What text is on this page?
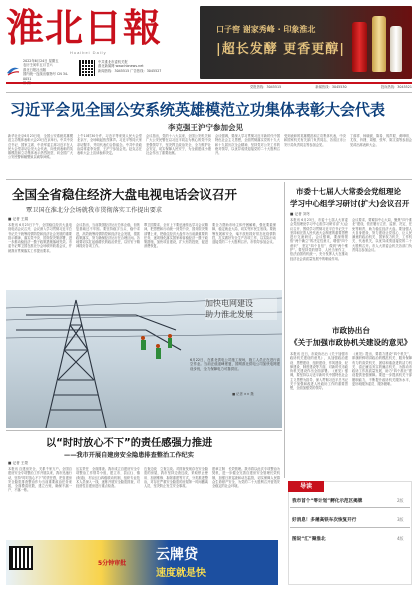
淮北日報
Huaibei Daily
2022年6月24日 星期五
农历壬寅年五月廿六
淮北日报社出版
国内统一连续出版物号 CN 34-0051
中共淮北市委机关报
淮北新闻网 www.hbnews.net
新闻热线：3045515 广告热线：3045527
口子窖 谢家秀峰 · 印象淮北
|超长发酵 更香更醇|
党报热线：3045515	新闻热线：3045530	投诉热线：3045521
习近平会见全国公安系统英雄模范立功集体表彰大会代表
李克强王沪宁参加会见
新华社北京6月23日电　全国公安系统英雄模范立功集体表彰大会23日在京举行。中共中央总书记、国家主席、中央军委主席习近平在人民大会堂亲切会见大会代表，向受到表彰的英雄模范和立功集体表示热烈祝贺，向全国广大公安民警和辅警致以诚挚问候。
上午10时30分许，习近平等来到人民大会堂北京厅，全场响起热烈掌声。习近平等同大家亲切握手，并同代表们合影留念。中共中央政治局常委李克强、王沪宁参加会见。赵克志在表彰大会上宣读表彰决定。
会议指出，党的十八大以来，全国公安机关和广大公安民警在以习近平同志为核心的党中央坚强领导下，坚决捍卫政治安全，全力维护社会安定，切实保障人民安宁，为全面建成小康社会作出了重要贡献。
会议强调，要深入学习贯彻习近平新时代中国特色社会主义思想，全面贯彻落实党的十九大和十九届历次全会精神，坚持党对公安工作的绝对领导，以优异成绩迎接党的二十大胜利召开。
受到表彰的英雄模范和立功集体代表，中央和国家机关有关部门负责同志，各省区市公安厅局负责同志等参加会见。
丁薛祥、杨晓渡、陈希、郭声琨、黄坤明、尤权、肖捷、周强、张军、陈文清等参加会见或出席表彰大会。
全国全省稳住经济大盘电视电话会议召开
覃卫国在淮北分会场就我市贯彻落实工作提出要求
■ 记者 王娟
本报讯 6月23日下午，全国稳住经济大盘电视电话会议召开，会议深入学习贯彻习近平总书记关于统筹疫情防控和经济社会发展的重要指示精神，落实党中央、国务院决策部署，进一步推动稳经济一揽子政策措施落地见效。市委书记覃卫国在淮北分会场收听收看会议，并就我市贯彻落实工作提出要求。
会议指出，当前我国经济运行总体企稳，但恢复基础还不牢固。要坚持稳字当头、稳中求进，高效统筹疫情防控和经济社会发展，狠抓政策落实，努力确保经济运行在合理区间。各地要切实扛起稳增长的政治责任，以钉钉子精神抓好各项工作。
覃卫国要求，全市上下要迅速传达学习会议精神，把思想和行动统一到党中央、国务院决策部署上来，把稳住经济大盘作为当前最重要的任务，逐项细化落实国家和省稳经济一揽子政策措施，加快项目建设，扩大有效投资，促进消费恢复。
要全力帮助市场主体纾困解难，强化要素保障，稳定就业大局，切实兜牢民生底线。要统筹发展和安全，毫不放松抓好常态化疫情防控，扎实做好安全生产各项工作，以实际行动迎接党的二十大胜利召开。市领导参加会议。
市委十七届人大常委会党组理论
学习中心组学习研讨(扩大)会议召开
■ 记者 刘冬
本报讯 6月23日，市委十七届人大常委会党组理论学习中心组学习研讨(扩大)会议召开，围绕学习贯彻习近平总书记关于坚持和完善人民代表大会制度的重要思想进行交流研讨。会议强调，要深刻领悟“两个确立”的决定性意义，增强“四个意识”、坚定“四个自信”、做到“两个维护”。要坚持党的领导、人民当家作主、依法治国有机统一，充分发挥人大在推动经济社会高质量发展中的职能作用。
会议要求，要紧扣中心大局，聚焦“四个淮北”建设，依法履行立法、监督、决定、任免等职责，助力稳住经济大盘。要加强人大自身建设，努力建设让党放心、让人民满意的政治机关、国家权力机关、工作机关、代表机关，以优异成绩迎接党的二十大胜利召开。市人大常委会机关各部门负责同志参加会议。
市政协出台
《关于加强市政协机关建设的意见》
本报讯 近日，市政协出台《关于加强市政协机关建设的意见》，从加强政治建设、思想建设、组织建设、作风建设、纪律建设、制度建设等方面，对新时代市政协机关建设作出全面部署。《意见》强调，要坚持以习近平新时代中国特色社会主义思想为指导，深入贯彻习近平总书记关于加强和改进人民政协工作的重要思想，全面加强党的领导。
《意见》提出，要着力建设“四个机关”，即旗帜鲜明讲政治的模范机关、服务保障有力的高效机关、团结和谐奋进的活力机关、清正廉洁务实的廉洁机关，为推动市政协工作高质量发展、助力“四个淮北”建设提供坚强保障。要进一步提高机关干部履职能力，不断提升政协机关服务水平，更好地服务委员、服务履职。
加快电网建设
助力淮北发展
6月22日，在淮北供电公司施工现场，施工人员正在进行高空作业。当前正值迎峰度夏，国网淮北供电公司加快电网建设步伐，全力保障电力可靠供应。
■ 记者 ×× 摄
以“时时放心不下”的责任感强力推进
——我市开展自建房安全隐患排查整治工作纪实
■ 记者 王蒙
本报讯 自建房安全，关系千家万户。全国自建房安全专项整治工作开展以来，我市迅速行动，坚持“时时放心不下”的责任感，把自建房安全隐患排查整治作为当前重要政治任务来抓，全面摸清底数，建立台账，确保不漏一户、不落一栋。
压实责任　全面排查。我市成立自建房安全专项整治工作领导小组，建立市、县(区)、镇(街道)、村(社区)四级联动机制，组织专业技术人员深入一线，逐栋开展安全隐患排查，对经营性自建房进行重点检查。
边查边改　立查立改。对排查发现存在安全隐患的房屋，我市坚持边查边改，采取停止使用、加固维修、拆除重建等方式，分类推进整治，对存在严重安全隐患的房屋第一时间撤离人员，坚决防止发生安全事故。
建章立制　长效管理。我市将以此次专项整治为契机，进一步健全完善自建房安全管理长效机制，加强日常巡查和动态监管，切实保障人民群众生命财产安全，为党的二十大胜利召开营造安全稳定的社会环境。	导读
我市首个“零计划”孵化示范区揭牌	2版
好消息！多趟高铁车次恢复开行	3版
图说“汇”聚淮北	4版
5分钟审批
云牌贷
速度就是快
